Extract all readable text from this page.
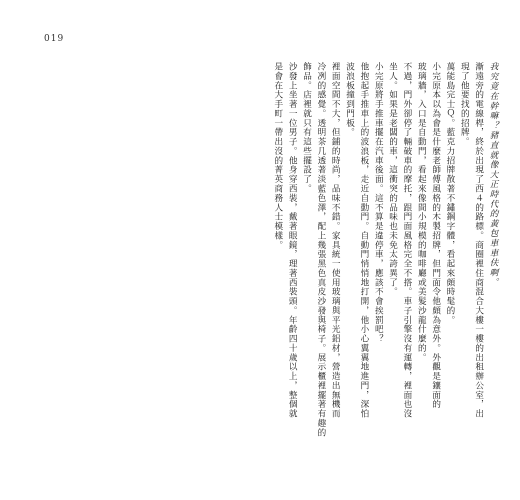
019
我究竟在幹嘛？豬直就像大正時代的黃包車車伕啊。
漸遠旁的電線桿，終於出現了西４的路標。商圈裡住商混合大樓一樓的出租辦公室，出
現了他要找的招牌。
萬能島完士Ｑ。藍克力招牌散著不鏽鋼字體，看起來頗時髦的。
小完原本以為會是什麼老師傅風格的木製招牌，但門面令他頗為意外。外觀是鑲面的
玻璃牆，入口是自動門，看起來像間小規模的咖啡廳或美髮沙龍什麼的。
不過，門外卻停了輛破車的摩托，跟門面風格完全不搭。車子引擎沒有運轉，裡面也沒
坐人。如果是老闆的車，這衝突的品味也未免太誇異了。
小完原將手推車擺在汽車後面。這不算是違停車，應該不會挨罰吧？
他抱起手推車上的波浪板，走近自動門。自動門悄悄地打開，他小心翼翼地進門，深怕
波浪板撞到門板。
裡面空間不大，但鋪的時尚，品味不錯。家具統一使用玻璃與平光鋁材，營造出無機而
冷冽的感覺。透明茶几透著淡藍色澤，配上幾張黑色真皮沙發與椅子。展示櫃裡擺著有趣的
飾品。店裡就只有這些擺設了。
沙發上坐著一位男子。他身穿西裝，戴著眼鏡，理著西裝頭。年齡四十歲以上，整個就
是會在大手町一帶出沒的菁英商務人士模樣。
